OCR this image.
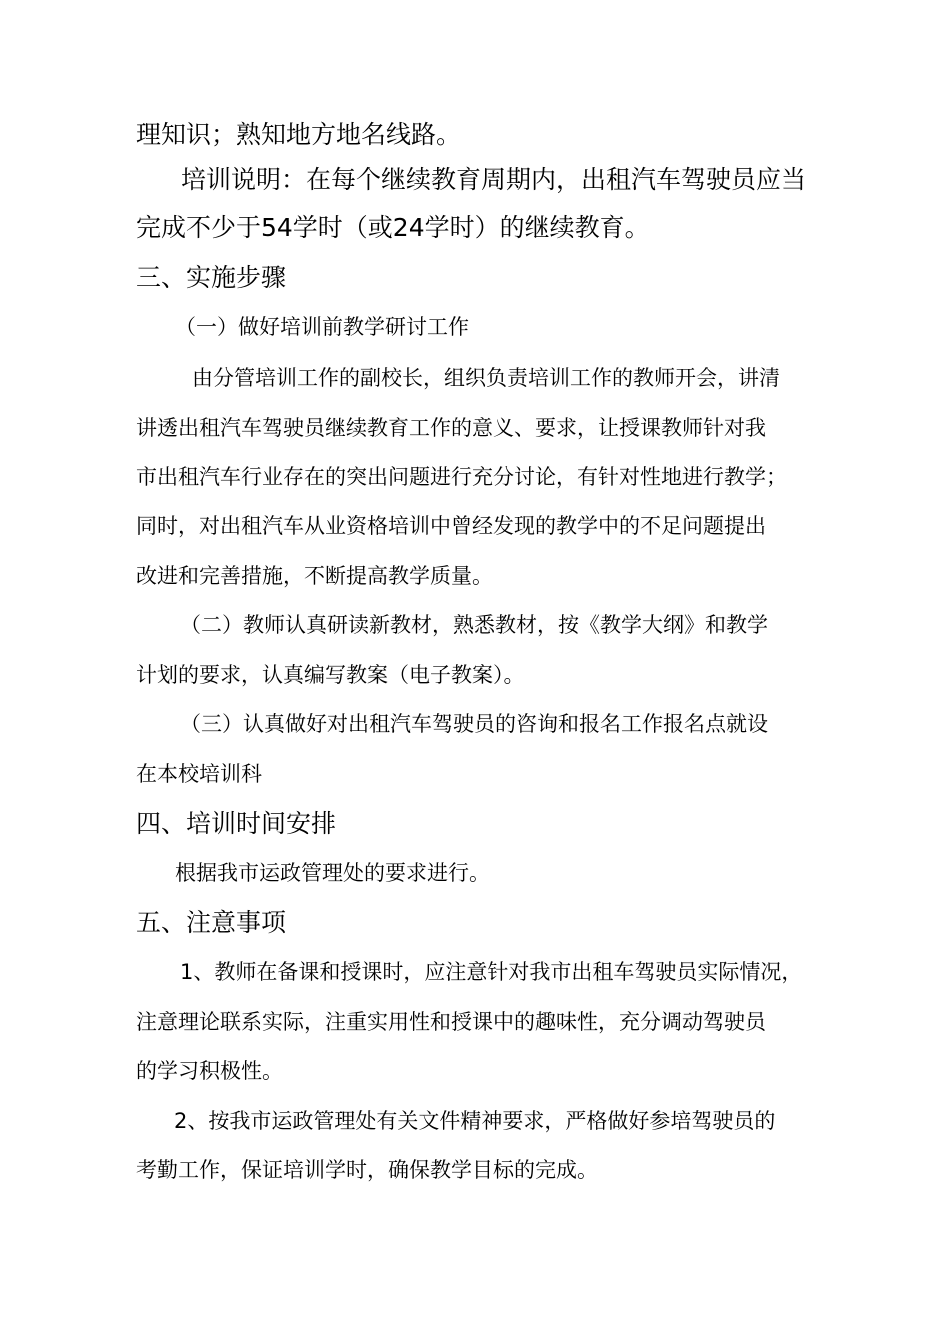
理知识；熟知地方地名线路。
培训说明：在每个继续教育周期内，出租汽车驾驶员应当
完成不少于54学时（或24学时）的继续教育。
三、实施步骤
（一）做好培训前教学研讨工作
由分管培训工作的副校长，组织负责培训工作的教师开会，讲清
讲透出租汽车驾驶员继续教育工作的意义、要求，让授课教师针对我
市出租汽车行业存在的突出问题进行充分讨论，有针对性地进行教学；
同时，对出租汽车从业资格培训中曾经发现的教学中的不足问题提出
改进和完善措施，不断提高教学质量。
（二）教师认真研读新教材，熟悉教材，按《教学大纲》和教学
计划的要求，认真编写教案（电子教案）。
（三）认真做好对出租汽车驾驶员的咨询和报名工作报名点就设
在本校培训科
四、培训时间安排
根据我市运政管理处的要求进行。
五、注意事项
1、教师在备课和授课时，应注意针对我市出租车驾驶员实际情况，
注意理论联系实际，注重实用性和授课中的趣味性，充分调动驾驶员
的学习积极性。
2、按我市运政管理处有关文件精神要求，严格做好参培驾驶员的
考勤工作，保证培训学时，确保教学目标的完成。
